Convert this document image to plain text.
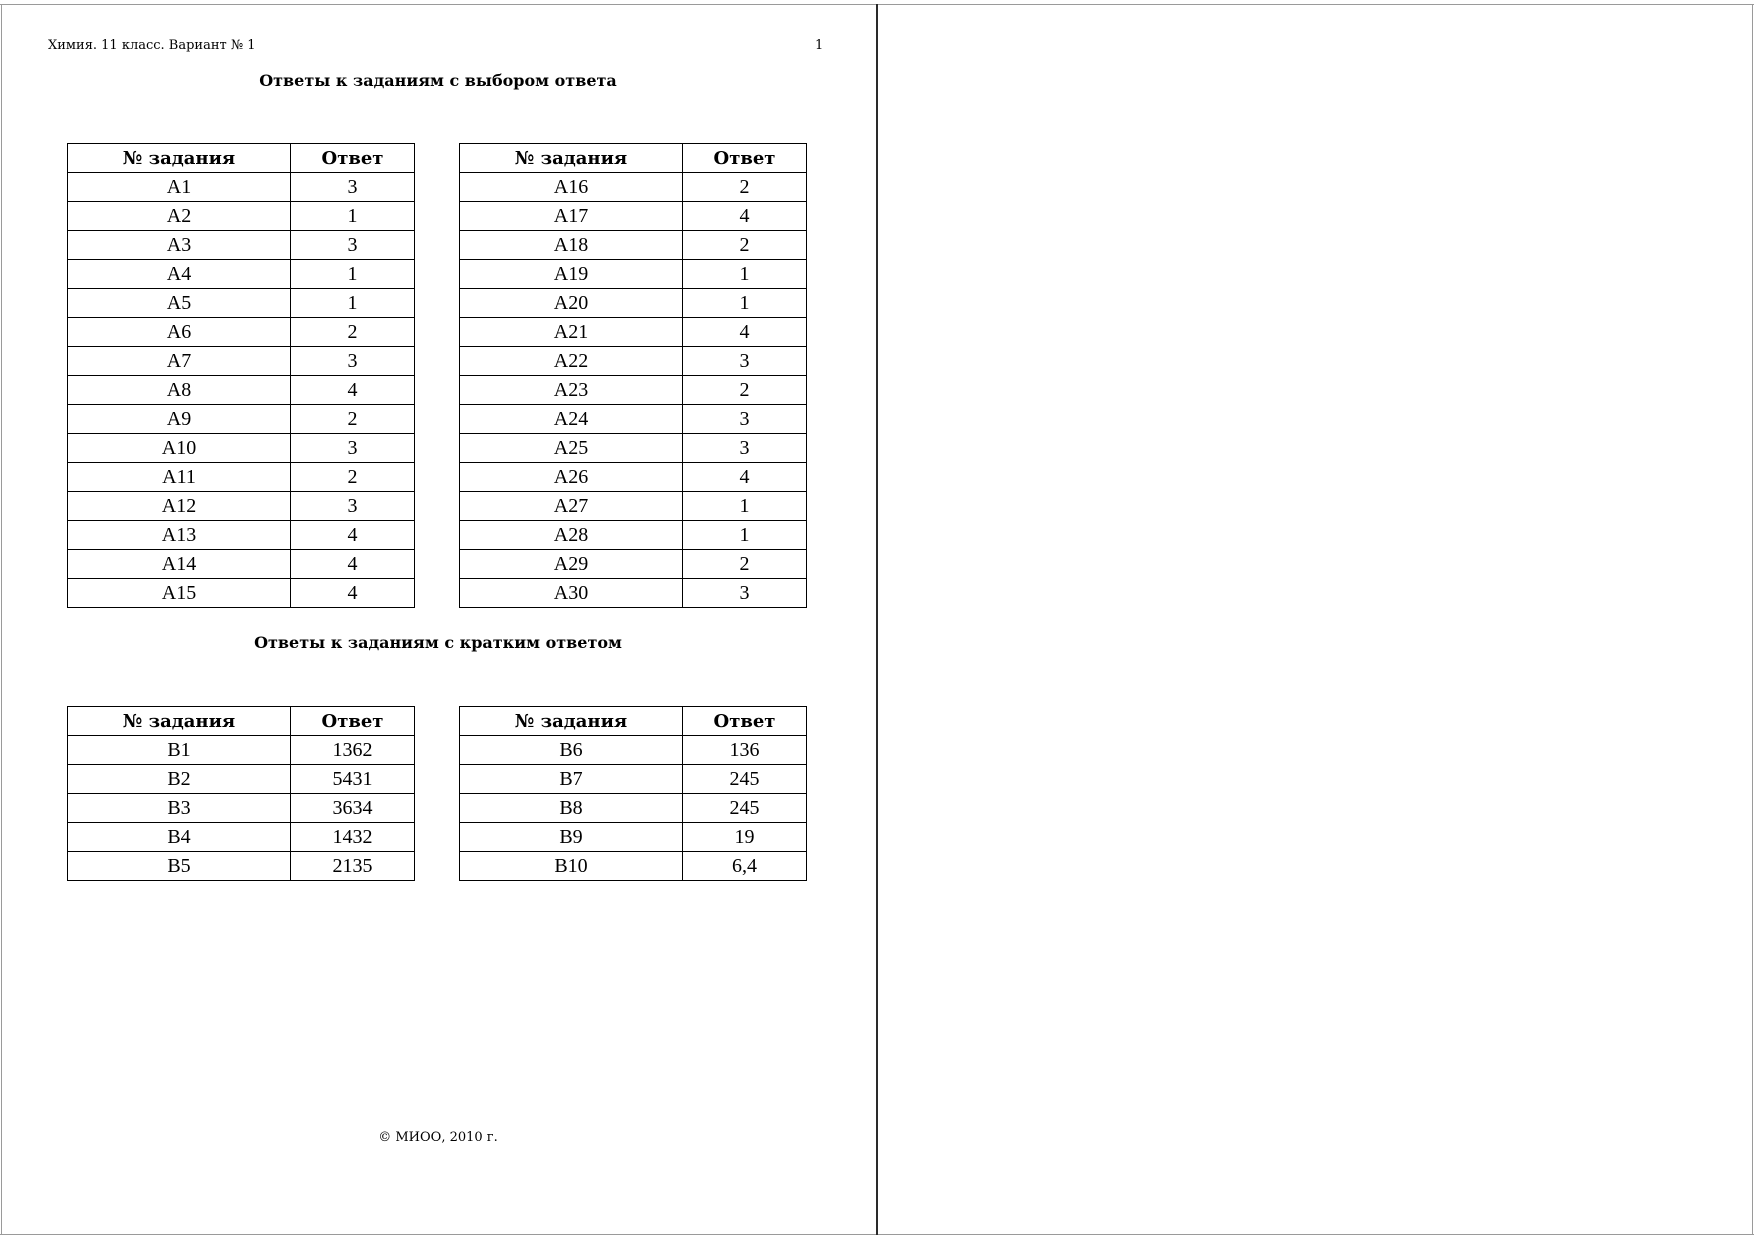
Химия. 11 класс. Вариант № 1	1
Ответы к заданиям с выбором ответа
№ задания	Ответ
А1	3
А2	1
А3	3
А4	1
А5	1
А6	2
А7	3
А8	4
А9	2
А10	3
А11	2
А12	3
А13	4
А14	4
А15	4
№ задания	Ответ
А16	2
А17	4
А18	2
А19	1
А20	1
А21	4
А22	3
А23	2
А24	3
А25	3
А26	4
А27	1
А28	1
А29	2
А30	3
Ответы к заданиям с кратким ответом
№ задания	Ответ
В1	1362
В2	5431
В3	3634
В4	1432
В5	2135
№ задания	Ответ
В6	136
В7	245
В8	245
В9	19
В10	6,4
© МИОО, 2010 г.
